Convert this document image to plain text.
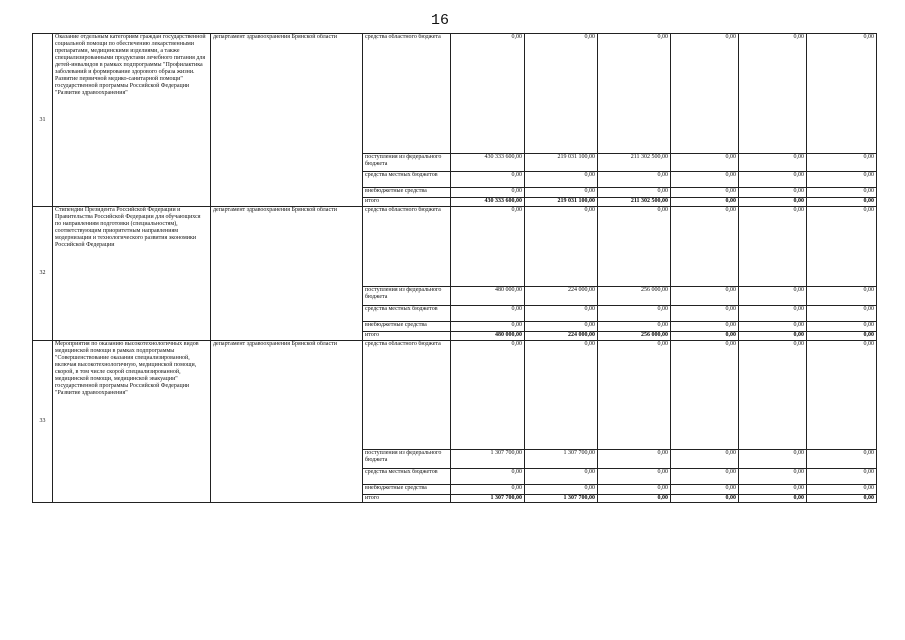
16
31	Оказание отдельным категориям граждан государственной социальной помощи по обеспечению лекарственными препаратами, медицинскими изделиями, а также специализированными продуктами лечебного питания для детей-инвалидов в рамках подпрограммы "Профилактика заболеваний и формирование здорового образа жизни. Развитие первичной медико-санитарной помощи" государственной программы Российской Федерации "Развитие здравоохранения"	департамент здравоохранения Брянской области	средства областного бюджета	0,00	0,00	0,00	0,00	0,00	0,00
			поступления из федерального бюджета	430 333 600,00	219 031 100,00	211 302 500,00	0,00	0,00	0,00
			средства местных бюджетов	0,00	0,00	0,00	0,00	0,00	0,00
			внебюджетные средства	0,00	0,00	0,00	0,00	0,00	0,00
			итого	430 333 600,00	219 031 100,00	211 302 500,00	0,00	0,00	0,00
32	Стипендии Президента Российской Федерации и Правительства Российской Федерации для обучающихся по направлениям подготовки (специальностям), соответствующим приоритетным направлениям модернизации и технологического развития экономики Российской Федерации	департамент здравоохранения Брянской области	средства областного бюджета	0,00	0,00	0,00	0,00	0,00	0,00
			поступления из федерального бюджета	480 000,00	224 000,00	256 000,00	0,00	0,00	0,00
			средства местных бюджетов	0,00	0,00	0,00	0,00	0,00	0,00
			внебюджетные средства	0,00	0,00	0,00	0,00	0,00	0,00
			итого	480 000,00	224 000,00	256 000,00	0,00	0,00	0,00
33	Мероприятия по оказанию высокотехнологичных видов медицинской помощи в рамках подпрограммы "Совершенствование оказания специализированной, включая высокотехнологичную, медицинской помощи, скорой, в том числе скорой специализированной, медицинской помощи, медицинской эвакуации" государственной программы Российской Федерации "Развитие здравоохранения"	департамент здравоохранения Брянской области	средства областного бюджета	0,00	0,00	0,00	0,00	0,00	0,00
			поступления из федерального бюджета	1 307 700,00	1 307 700,00	0,00	0,00	0,00	0,00
			средства местных бюджетов	0,00	0,00	0,00	0,00	0,00	0,00
			внебюджетные средства	0,00	0,00	0,00	0,00	0,00	0,00
			итого	1 307 700,00	1 307 700,00	0,00	0,00	0,00	0,00
